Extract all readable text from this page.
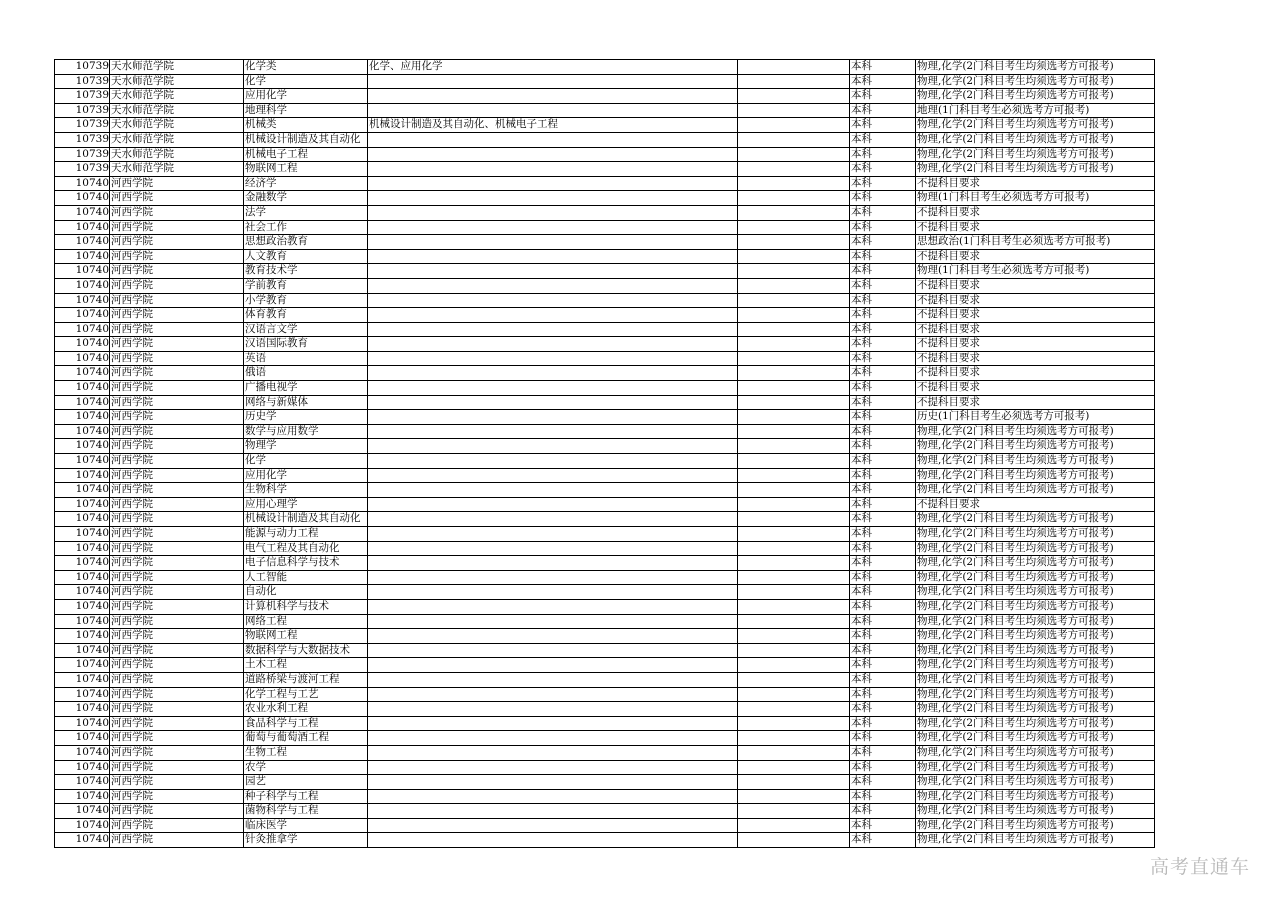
10739	天水师范学院	化学类	化学、应用化学		本科	物理,化学(2门科目考生均须选考方可报考)
10739	天水师范学院	化学			本科	物理,化学(2门科目考生均须选考方可报考)
10739	天水师范学院	应用化学			本科	物理,化学(2门科目考生均须选考方可报考)
10739	天水师范学院	地理科学			本科	地理(1门科目考生必须选考方可报考)
10739	天水师范学院	机械类	机械设计制造及其自动化、机械电子工程		本科	物理,化学(2门科目考生均须选考方可报考)
10739	天水师范学院	机械设计制造及其自动化			本科	物理,化学(2门科目考生均须选考方可报考)
10739	天水师范学院	机械电子工程			本科	物理,化学(2门科目考生均须选考方可报考)
10739	天水师范学院	物联网工程			本科	物理,化学(2门科目考生均须选考方可报考)
10740	河西学院	经济学			本科	不提科目要求
10740	河西学院	金融数学			本科	物理(1门科目考生必须选考方可报考)
10740	河西学院	法学			本科	不提科目要求
10740	河西学院	社会工作			本科	不提科目要求
10740	河西学院	思想政治教育			本科	思想政治(1门科目考生必须选考方可报考)
10740	河西学院	人文教育			本科	不提科目要求
10740	河西学院	教育技术学			本科	物理(1门科目考生必须选考方可报考)
10740	河西学院	学前教育			本科	不提科目要求
10740	河西学院	小学教育			本科	不提科目要求
10740	河西学院	体育教育			本科	不提科目要求
10740	河西学院	汉语言文学			本科	不提科目要求
10740	河西学院	汉语国际教育			本科	不提科目要求
10740	河西学院	英语			本科	不提科目要求
10740	河西学院	俄语			本科	不提科目要求
10740	河西学院	广播电视学			本科	不提科目要求
10740	河西学院	网络与新媒体			本科	不提科目要求
10740	河西学院	历史学			本科	历史(1门科目考生必须选考方可报考)
10740	河西学院	数学与应用数学			本科	物理,化学(2门科目考生均须选考方可报考)
10740	河西学院	物理学			本科	物理,化学(2门科目考生均须选考方可报考)
10740	河西学院	化学			本科	物理,化学(2门科目考生均须选考方可报考)
10740	河西学院	应用化学			本科	物理,化学(2门科目考生均须选考方可报考)
10740	河西学院	生物科学			本科	物理,化学(2门科目考生均须选考方可报考)
10740	河西学院	应用心理学			本科	不提科目要求
10740	河西学院	机械设计制造及其自动化			本科	物理,化学(2门科目考生均须选考方可报考)
10740	河西学院	能源与动力工程			本科	物理,化学(2门科目考生均须选考方可报考)
10740	河西学院	电气工程及其自动化			本科	物理,化学(2门科目考生均须选考方可报考)
10740	河西学院	电子信息科学与技术			本科	物理,化学(2门科目考生均须选考方可报考)
10740	河西学院	人工智能			本科	物理,化学(2门科目考生均须选考方可报考)
10740	河西学院	自动化			本科	物理,化学(2门科目考生均须选考方可报考)
10740	河西学院	计算机科学与技术			本科	物理,化学(2门科目考生均须选考方可报考)
10740	河西学院	网络工程			本科	物理,化学(2门科目考生均须选考方可报考)
10740	河西学院	物联网工程			本科	物理,化学(2门科目考生均须选考方可报考)
10740	河西学院	数据科学与大数据技术			本科	物理,化学(2门科目考生均须选考方可报考)
10740	河西学院	土木工程			本科	物理,化学(2门科目考生均须选考方可报考)
10740	河西学院	道路桥梁与渡河工程			本科	物理,化学(2门科目考生均须选考方可报考)
10740	河西学院	化学工程与工艺			本科	物理,化学(2门科目考生均须选考方可报考)
10740	河西学院	农业水利工程			本科	物理,化学(2门科目考生均须选考方可报考)
10740	河西学院	食品科学与工程			本科	物理,化学(2门科目考生均须选考方可报考)
10740	河西学院	葡萄与葡萄酒工程			本科	物理,化学(2门科目考生均须选考方可报考)
10740	河西学院	生物工程			本科	物理,化学(2门科目考生均须选考方可报考)
10740	河西学院	农学			本科	物理,化学(2门科目考生均须选考方可报考)
10740	河西学院	园艺			本科	物理,化学(2门科目考生均须选考方可报考)
10740	河西学院	种子科学与工程			本科	物理,化学(2门科目考生均须选考方可报考)
10740	河西学院	菌物科学与工程			本科	物理,化学(2门科目考生均须选考方可报考)
10740	河西学院	临床医学			本科	物理,化学(2门科目考生均须选考方可报考)
10740	河西学院	针灸推拿学			本科	物理,化学(2门科目考生均须选考方可报考)
高考直通车
